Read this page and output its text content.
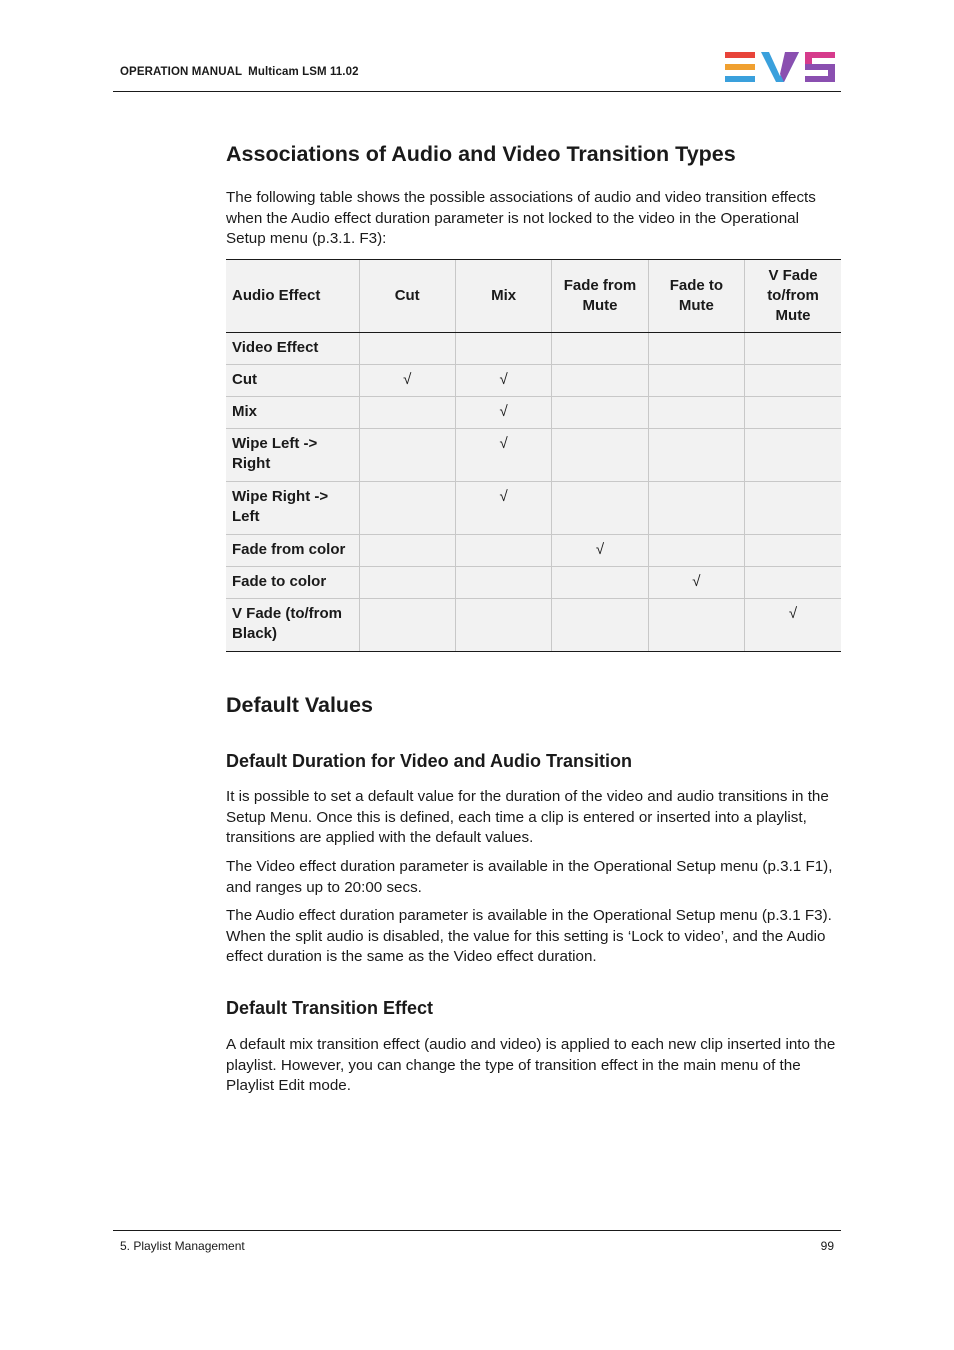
OPERATION MANUAL Multicam LSM 11.02
Associations of Audio and Video Transition Types

The following table shows the possible associations of audio and video transition effects when the Audio effect duration parameter is not locked to the video in the Operational Setup menu (p.3.1. F3):

Default Values
Default Duration for Video and Audio Transition

It is possible to set a default value for the duration of the video and audio transitions in the Setup Menu. Once this is defined, each time a clip is entered or inserted into a playlist, transitions are applied with the default values.

The Video effect duration parameter is available in the Operational Setup menu (p.3.1 F1), and ranges up to 20:00 secs.

The Audio effect duration parameter is available in the Operational Setup menu (p.3.1 F3). When the split audio is disabled, the value for this setting is ‘Lock to video’, and the Audio effect duration is the same as the Video effect duration.

Default Transition Effect

A default mix transition effect (audio and video) is applied to each new clip inserted into the playlist. However, you can change the type of transition effect in the main menu of the Playlist Edit mode.

Audio Effect	Cut	Mix	Fade from Mute	Fade to Mute	V Fade to/from Mute
Video Effect					
Cut	√	√			
Mix		√			
Wipe Left -> Right		√			
Wipe Right -> Left		√			
Fade from color			√		
Fade to color				√	
V Fade (to/from Black)					√
5. Playlist Management	99
